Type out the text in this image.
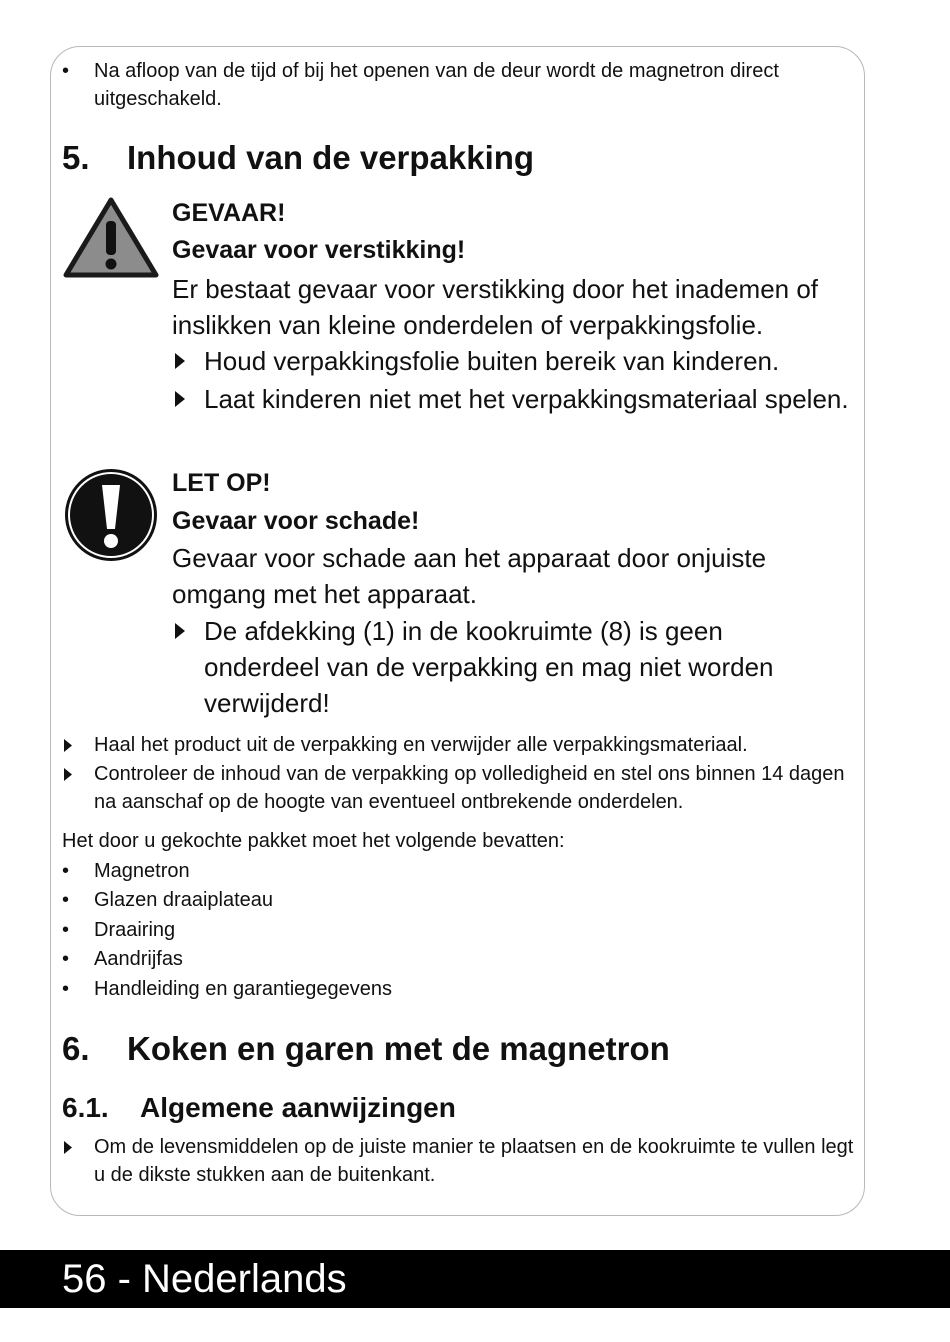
•	Na afloop van de tijd of bij het openen van de deur wordt de magnetron direct uitgeschakeld.
5. Inhoud van de verpakking
GEVAAR!
Gevaar voor verstikking!
Er bestaat gevaar voor verstikking door het inademen of inslikken van kleine onderdelen of verpakkingsfolie.
Houd verpakkingsfolie buiten bereik van kinderen.
Laat kinderen niet met het verpakkingsmateriaal spelen.
LET OP!
Gevaar voor schade!
Gevaar voor schade aan het apparaat door onjuiste omgang met het apparaat.
De afdekking (1) in de kookruimte (8) is geen onderdeel van de verpakking en mag niet worden verwijderd!
Haal het product uit de verpakking en verwijder alle verpakkingsmateriaal.
Controleer de inhoud van de verpakking op volledigheid en stel ons binnen 14 dagen na aanschaf op de hoogte van eventueel ontbrekende onderdelen.
Het door u gekochte pakket moet het volgende bevatten:
•	Magnetron
•	Glazen draaiplateau
•	Draairing
•	Aandrijfas
•	Handleiding en garantiegegevens
6. Koken en garen met de magnetron
6.1. Algemene aanwijzingen
Om de levensmiddelen op de juiste manier te plaatsen en de kookruimte te vullen legt u de dikste stukken aan de buitenkant.
56 - Nederlands
